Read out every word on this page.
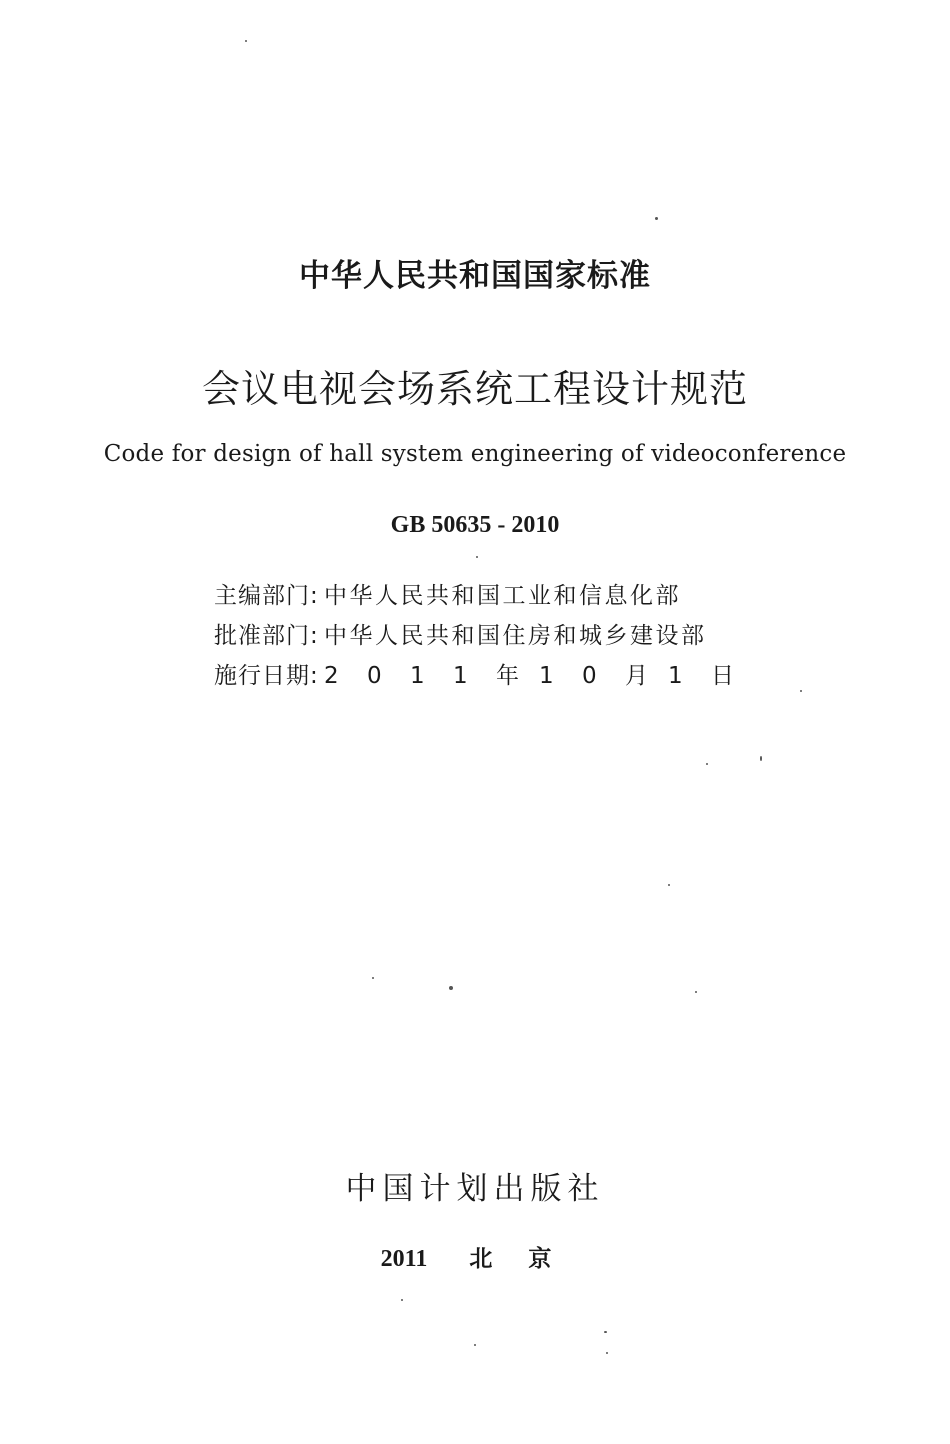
中华人民共和国国家标准
会议电视会场系统工程设计规范
Code for design of hall system engineering of videoconference
GB 50635 - 2010
主编部门 : 中华人民共和国工业和信息化部
批准部门 : 中华人民共和国住房和城乡建设部
施行日期 : 2 0 1 1 年 1 0 月 1 日
中国计划出版社
2011 北 京
